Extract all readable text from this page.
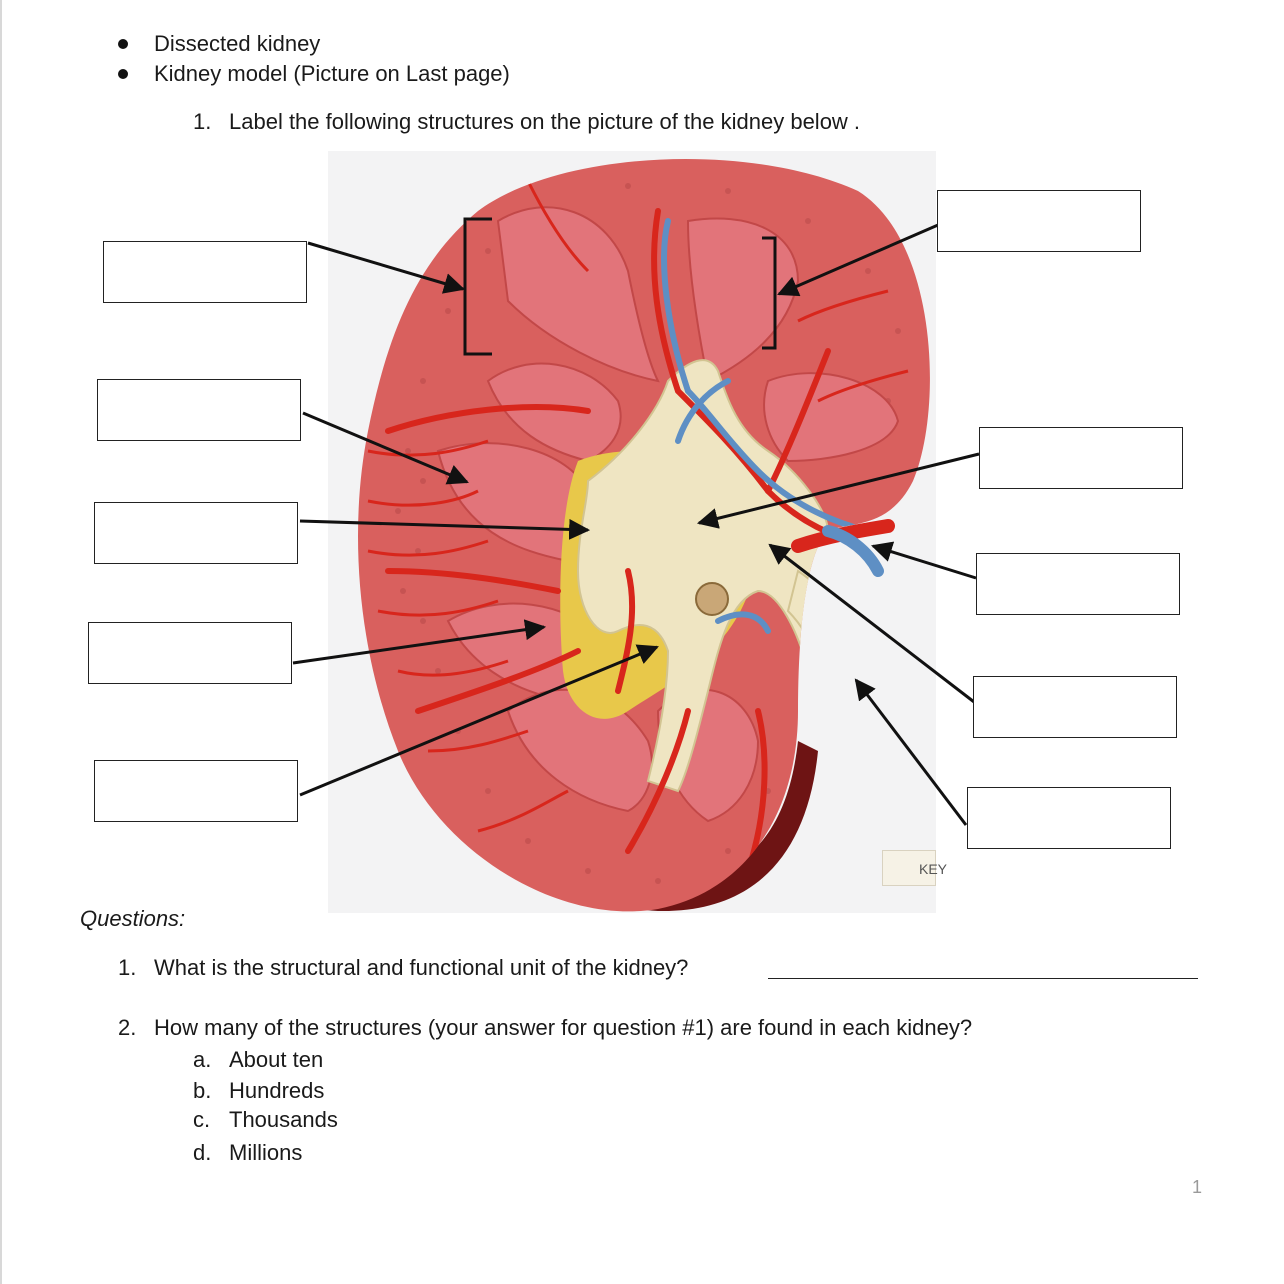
Dissected kidney
Kidney model (Picture on Last page)
1. Label the following structures on the picture of the kidney below .
KEY
Questions:
1. What is the structural and functional unit of the kidney?
2. How many of the structures (your answer for question #1) are found in each kidney?
a. About ten
b. Hundreds
c. Thousands
d. Millions
1
